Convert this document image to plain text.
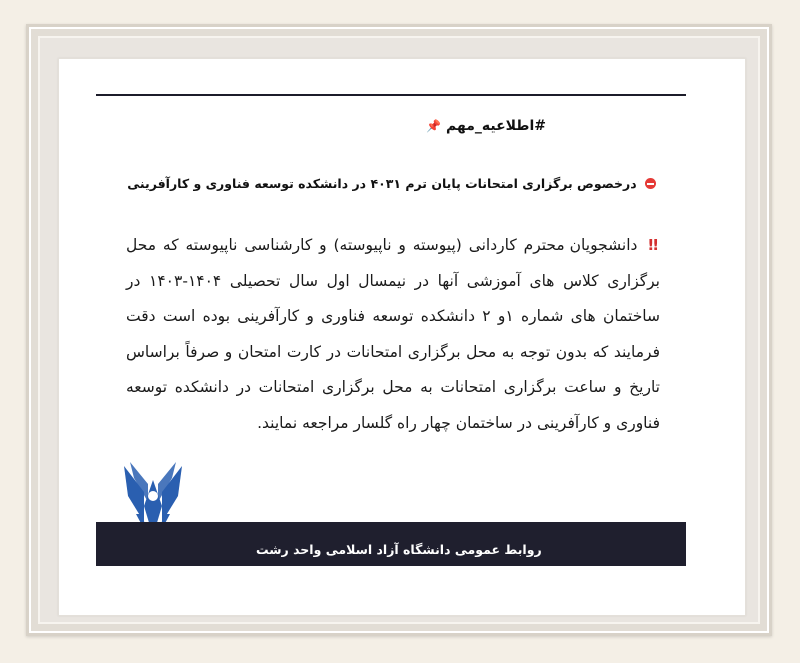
#اطلاعیه_مهم 📌
درخصوص برگزاری امتحانات پایان ترم ۴۰۳۱ در دانشکده توسعه فناوری و کارآفرینی
‼ دانشجویان محترم کاردانی (پیوسته و ناپیوسته) و کارشناسی ناپیوسته که محل برگزاری کلاس های آموزشی آنها در نیمسال اول سال تحصیلی ۱۴۰۴-۱۴۰۳ در ساختمان های شماره ۱و ۲ دانشکده توسعه فناوری و کارآفرینی بوده است دقت فرمایند که بدون توجه به محل برگزاری امتحانات در کارت امتحان و صرفاً براساس تاریخ و ساعت برگزاری امتحانات به محل برگزاری امتحانات در دانشکده توسعه فناوری و کارآفرینی در ساختمان چهار راه گلسار مراجعه نمایند.
روابط عمومی دانشگاه آزاد اسلامی واحد رشت
